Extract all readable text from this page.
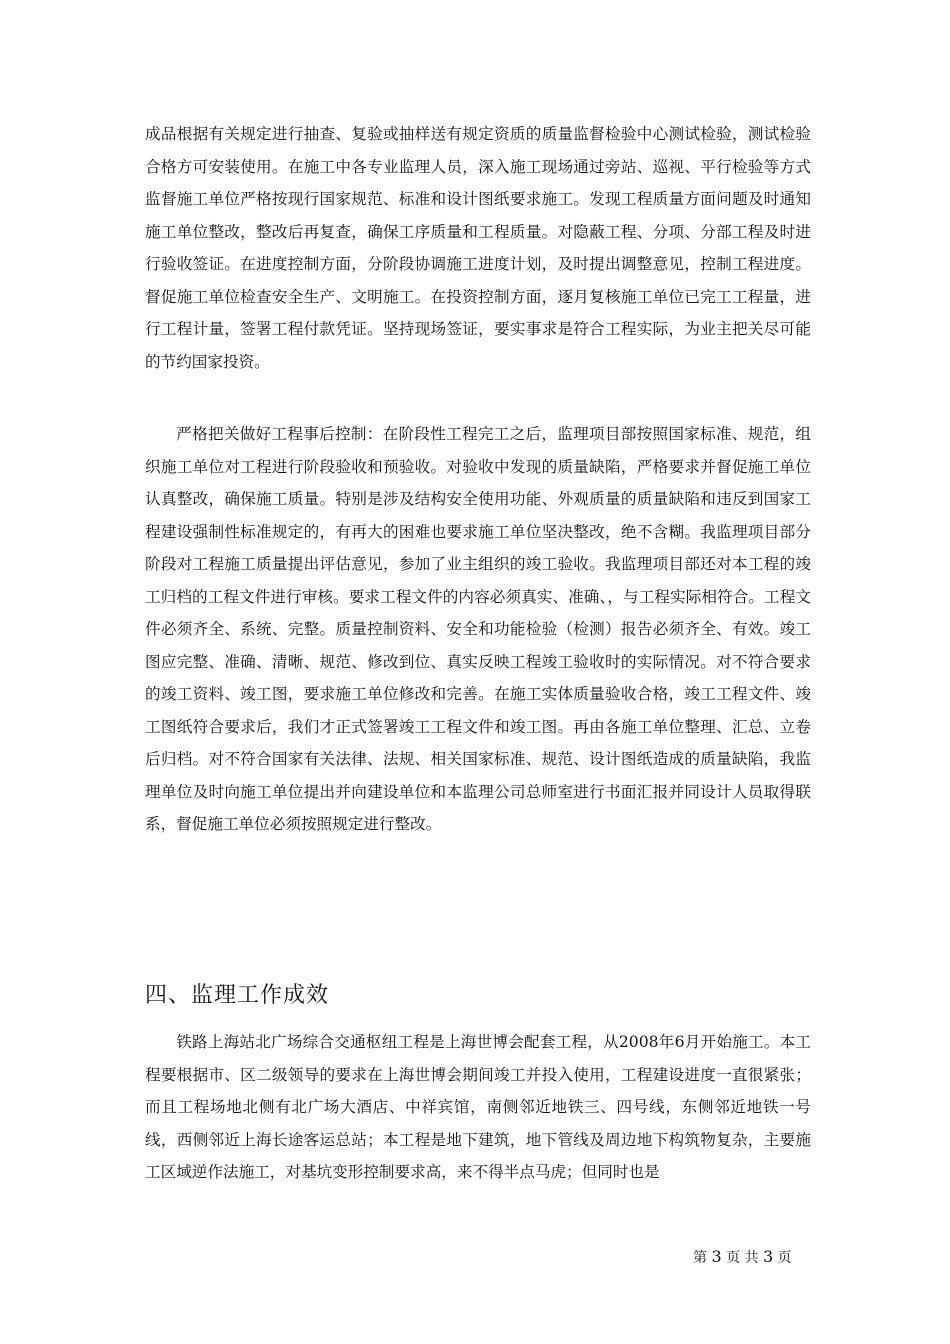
成品根据有关规定进行抽查、复验或抽样送有规定资质的质量监督检验中心测试检验，测试检验合格方可安装使用。在施工中各专业监理人员，深入施工现场通过旁站、巡视、平行检验等方式监督施工单位严格按现行国家规范、标准和设计图纸要求施工。发现工程质量方面问题及时通知施工单位整改，整改后再复查，确保工序质量和工程质量。对隐蔽工程、分项、分部工程及时进行验收签证。在进度控制方面，分阶段协调施工进度计划，及时提出调整意见，控制工程进度。督促施工单位检查安全生产、文明施工。在投资控制方面，逐月复核施工单位已完工工程量，进行工程计量，签署工程付款凭证。坚持现场签证，要实事求是符合工程实际，为业主把关尽可能的节约国家投资。

严格把关做好工程事后控制：在阶段性工程完工之后，监理项目部按照国家标准、规范，组织施工单位对工程进行阶段验收和预验收。对验收中发现的质量缺陷，严格要求并督促施工单位认真整改，确保施工质量。特别是涉及结构安全使用功能、外观质量的质量缺陷和违反到国家工程建设强制性标准规定的，有再大的困难也要求施工单位坚决整改，绝不含糊。我监理项目部分阶段对工程施工质量提出评估意见，参加了业主组织的竣工验收。我监理项目部还对本工程的竣工归档的工程文件进行审核。要求工程文件的内容必须真实、准确、，与工程实际相符合。工程文件必须齐全、系统、完整。质量控制资料、安全和功能检验（检测）报告必须齐全、有效。竣工图应完整、准确、清晰、规范、修改到位、真实反映工程竣工验收时的实际情况。对不符合要求的竣工资料、竣工图，要求施工单位修改和完善。在施工实体质量验收合格，竣工工程文件、竣工图纸符合要求后，我们才正式签署竣工工程文件和竣工图。再由各施工单位整理、汇总、立卷后归档。对不符合国家有关法律、法规、相关国家标准、规范、设计图纸造成的质量缺陷，我监理单位及时向施工单位提出并向建设单位和本监理公司总师室进行书面汇报并同设计人员取得联系，督促施工单位必须按照规定进行整改。

四、监理工作成效

铁路上海站北广场综合交通枢纽工程是上海世博会配套工程，从2008年6月开始施工。本工程要根据市、区二级领导的要求在上海世博会期间竣工并投入使用，工程建设进度一直很紧张；而且工程场地北侧有北广场大酒店、中祥宾馆，南侧邻近地铁三、四号线，东侧邻近地铁一号线，西侧邻近上海长途客运总站；本工程是地下建筑，地下管线及周边地下构筑物复杂，主要施工区域逆作法施工，对基坑变形控制要求高，来不得半点马虎；但同时也是

第 3 页 共 3 页
